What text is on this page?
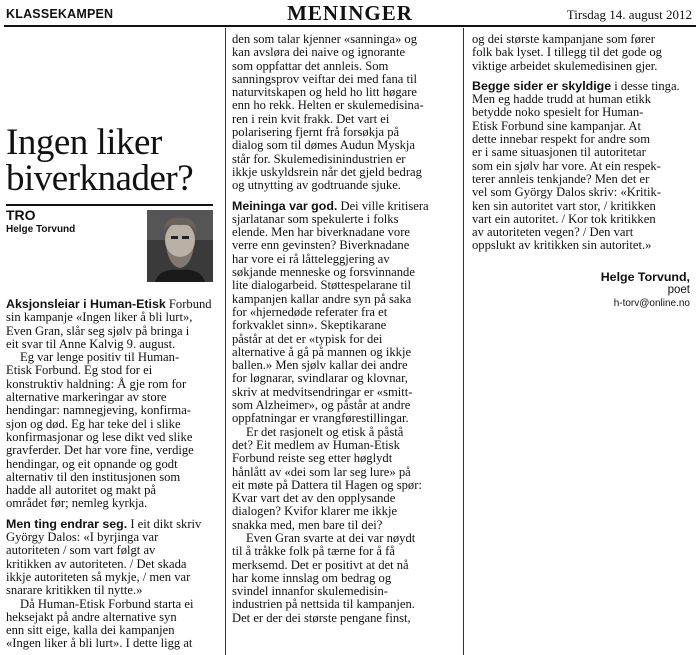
KLASSEKAMPEN	MENINGER	Tirsdag 14. august 2012
Ingen liker
biverknader?
TRO
Helge Torvund
Aksjonsleiar i Human-Etisk Forbund
sin kampanje «Ingen liker å bli lurt»,
Even Gran, slår seg sjølv på bringa i
eit svar til Anne Kalvig 9. august.
Eg var lenge positiv til Human-
Etisk Forbund. Eg stod for ei
konstruktiv haldning: Å gje rom for
alternative markeringar av store
hendingar: namnegjeving, konfirma-
sjon og død. Eg har teke del i slike
konfirmasjonar og lese dikt ved slike
gravferder. Det har vore fine, verdige
hendingar, og eit opnande og godt
alternativ til den institusjonen som
hadde all autoritet og makt på
området før; nemleg kyrkja.
Men ting endrar seg. I eit dikt skriv
György Dalos: «I byrjinga var
autoriteten / som vart følgt av
kritikken av autoriteten. / Det skada
ikkje autoriteten så mykje, / men var
snarare kritikken til nytte.»
Då Human-Etisk Forbund starta ei
heksejakt på andre alternative syn
enn sitt eige, kalla dei kampanjen
«Ingen liker å bli lurt». I dette ligg at
den som talar kjenner «sanninga» og
kan avsløra dei naive og ignorante
som oppfattar det annleis. Som
sanningsprov veiftar dei med fana til
naturvitskapen og held ho litt høgare
enn ho rekk. Helten er skulemedisina-
ren i rein kvit frakk. Det vart ei
polarisering fjernt frå forsøkja på
dialog som til dømes Audun Myskja
står for. Skulemedisinindustrien er
ikkje uskyldsrein når det gjeld bedrag
og utnytting av godtruande sjuke.
Meininga var god. Dei ville kritisera
sjarlatanar som spekulerte i folks
elende. Men har biverknadane vore
verre enn gevinsten? Biverknadane
har vore ei rå låtteleggjering av
søkjande menneske og forsvinnande
lite dialogarbeid. Støttespelarane til
kampanjen kallar andre syn på saka
for «hjernedøde referater fra et
forkvaklet sinn». Skeptikarane
påstår at det er «typisk for dei
alternative å gå på mannen og ikkje
ballen.» Men sjølv kallar dei andre
for løgnarar, svindlarar og klovnar,
skriv at medvitsendringar er «smitt-
som Alzheimer», og påstår at andre
oppfatningar er vrangførestillingar.
Er det rasjonelt og etisk å påstå
det? Eit medlem av Human-Etisk
Forbund reiste seg etter høglydt
hånlått av «dei som lar seg lure» på
eit møte på Dattera til Hagen og spør:
Kvar vart det av den opplysande
dialogen? Kvifor klarer me ikkje
snakka med, men bare til dei?
Even Gran svarte at dei var nøydt
til å tråkke folk på tærne for å få
merksemd. Det er positivt at det nå
har kome innslag om bedrag og
svindel innanfor skulemedisin-
industrien på nettsida til kampanjen.
Det er der dei største pengane finst,
og dei største kampanjane som fører
folk bak lyset. I tillegg til det gode og
viktige arbeidet skulemedisinen gjer.
Begge sider er skyldige i desse tinga.
Men eg hadde trudd at human etikk
betydde noko spesielt for Human-
Etisk Forbund sine kampanjar. At
dette innebar respekt for andre som
er i same situasjonen til autoritetar
som ein sjølv har vore. At ein respek-
terer annleis tenkjande? Men det er
vel som György Dalos skriv: «Kritik-
ken sin autoritet vart stor, / kritikken
vart ein autoritet. / Kor tok kritikken
av autoriteten vegen? / Den vart
oppslukt av kritikken sin autoritet.»
Helge Torvund,
poet
h-torv@online.no
